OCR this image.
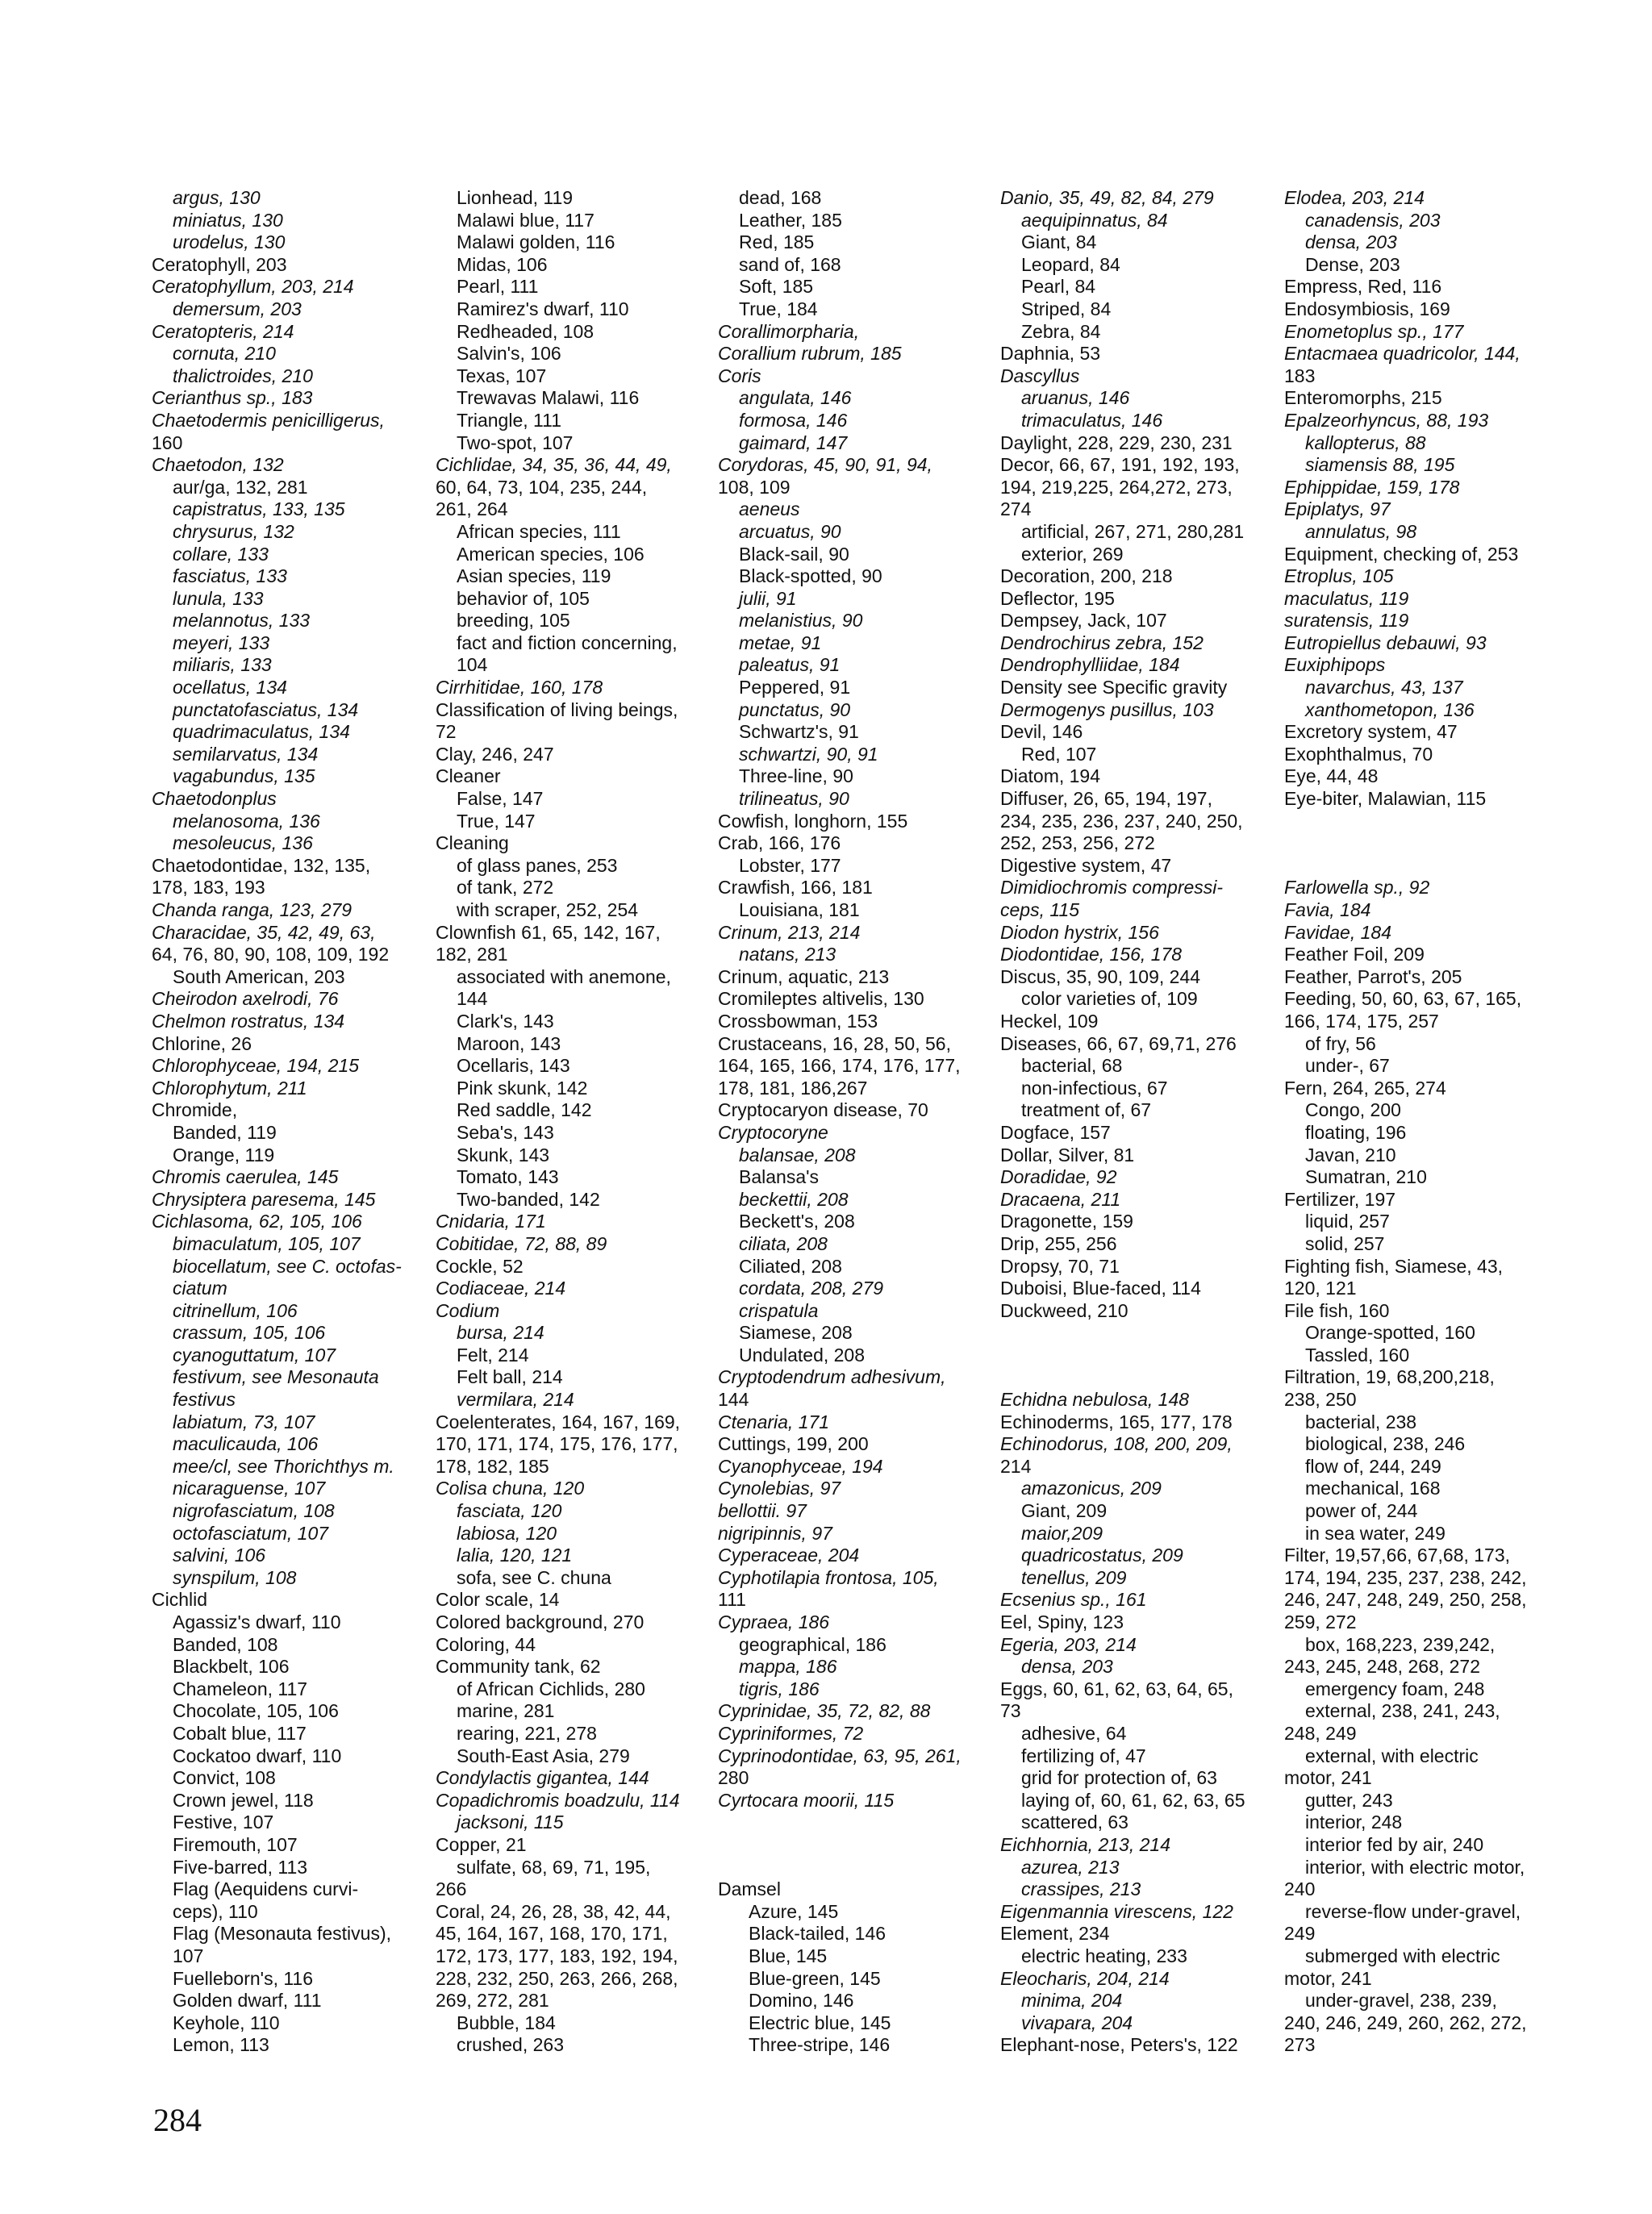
argus, 130
miniatus, 130
urodelus, 130
Ceratophyll, 203
Ceratophyllum, 203, 214
demersum, 203
Ceratopteris, 214
cornuta, 210
thalictroides, 210
Cerianthus sp., 183
Chaetodermis penicilligerus,
160
Chaetodon, 132
aur/ga, 132, 281
capistratus, 133, 135
chrysurus, 132
collare, 133
fasciatus, 133
lunula, 133
melannotus, 133
meyeri, 133
miliaris, 133
ocellatus, 134
punctatofasciatus, 134
quadrimaculatus, 134
semilarvatus, 134
vagabundus, 135
Chaetodonplus
melanosoma, 136
mesoleucus, 136
Chaetodontidae, 132, 135,
178, 183, 193
Chanda ranga, 123, 279
Characidae, 35, 42, 49, 63,
64, 76, 80, 90, 108, 109, 192
South American, 203
Cheirodon axelrodi, 76
Chelmon rostratus, 134
Chlorine, 26
Chlorophyceae, 194, 215
Chlorophytum, 211
Chromide,
Banded, 119
Orange, 119
Chromis caerulea, 145
Chrysiptera paresema, 145
Cichlasoma, 62, 105, 106
bimaculatum, 105, 107
biocellatum, see C. octofas-
ciatum
citrinellum, 106
crassum, 105, 106
cyanoguttatum, 107
festivum, see Mesonauta
festivus
labiatum, 73, 107
maculicauda, 106
mee/cl, see Thorichthys m.
nicaraguense, 107
nigrofasciatum, 108
octofasciatum, 107
salvini, 106
synspilum, 108
Cichlid
Agassiz's dwarf, 110
Banded, 108
Blackbelt, 106
Chameleon, 117
Chocolate, 105, 106
Cobalt blue, 117
Cockatoo dwarf, 110
Convict, 108
Crown jewel, 118
Festive, 107
Firemouth, 107
Five-barred, 113
Flag (Aequidens curvi-
ceps), 110
Flag (Mesonauta festivus),
107
Fuelleborn's, 116
Golden dwarf, 111
Keyhole, 110
Lemon, 113
Lionhead, 119
Malawi blue, 117
Malawi golden, 116
Midas, 106
Pearl, 111
Ramirez's dwarf, 110
Redheaded, 108
Salvin's, 106
Texas, 107
Trewavas Malawi, 116
Triangle, 111
Two-spot, 107
Cichlidae, 34, 35, 36, 44, 49,
60, 64, 73, 104, 235, 244,
261, 264
African species, 111
American species, 106
Asian species, 119
behavior of, 105
breeding, 105
fact and fiction concerning,
104
Cirrhitidae, 160, 178
Classification of living beings,
72
Clay, 246, 247
Cleaner
False, 147
True, 147
Cleaning
of glass panes, 253
of tank, 272
with scraper, 252, 254
Clownfish 61, 65, 142, 167,
182, 281
associated with anemone,
144
Clark's, 143
Maroon, 143
Ocellaris, 143
Pink skunk, 142
Red saddle, 142
Seba's, 143
Skunk, 143
Tomato, 143
Two-banded, 142
Cnidaria, 171
Cobitidae, 72, 88, 89
Cockle, 52
Codiaceae, 214
Codium
bursa, 214
Felt, 214
Felt ball, 214
vermilara, 214
Coelenterates, 164, 167, 169,
170, 171, 174, 175, 176, 177,
178, 182, 185
Colisa chuna, 120
fasciata, 120
labiosa, 120
lalia, 120, 121
sofa, see C. chuna
Color scale, 14
Colored background, 270
Coloring, 44
Community tank, 62
of African Cichlids, 280
marine, 281
rearing, 221, 278
South-East Asia, 279
Condylactis gigantea, 144
Copadichromis boadzulu, 114
jacksoni, 115
Copper, 21
sulfate, 68, 69, 71, 195,
266
Coral, 24, 26, 28, 38, 42, 44,
45, 164, 167, 168, 170, 171,
172, 173, 177, 183, 192, 194,
228, 232, 250, 263, 266, 268,
269, 272, 281
Bubble, 184
crushed, 263
dead, 168
Leather, 185
Red, 185
sand of, 168
Soft, 185
True, 184
Corallimorpharia,
Corallium rubrum, 185
Coris
angulata, 146
formosa, 146
gaimard, 147
Corydoras, 45, 90, 91, 94,
108, 109
aeneus
arcuatus, 90
Black-sail, 90
Black-spotted, 90
julii, 91
melanistius, 90
metae, 91
paleatus, 91
Peppered, 91
punctatus, 90
Schwartz's, 91
schwartzi, 90, 91
Three-line, 90
trilineatus, 90
Cowfish, longhorn, 155
Crab, 166, 176
Lobster, 177
Crawfish, 166, 181
Louisiana, 181
Crinum, 213, 214
natans, 213
Crinum, aquatic, 213
Cromileptes altivelis, 130
Crossbowman, 153
Crustaceans, 16, 28, 50, 56,
164, 165, 166, 174, 176, 177,
178, 181, 186,267
Cryptocaryon disease, 70
Cryptocoryne
balansae, 208
Balansa's
beckettii, 208
Beckett's, 208
ciliata, 208
Ciliated, 208
cordata, 208, 279
crispatula
Siamese, 208
Undulated, 208
Cryptodendrum adhesivum,
144
Ctenaria, 171
Cuttings, 199, 200
Cyanophyceae, 194
Cynolebias, 97
bellottii. 97
nigripinnis, 97
Cyperaceae, 204
Cyphotilapia frontosa, 105,
111
Cypraea, 186
geographical, 186
mappa, 186
tigris, 186
Cyprinidae, 35, 72, 82, 88
Cypriniformes, 72
Cyprinodontidae, 63, 95, 261,
280
Cyrtocara moorii, 115
Damsel
Azure, 145
Black-tailed, 146
Blue, 145
Blue-green, 145
Domino, 146
Electric blue, 145
Three-stripe, 146
Danio, 35, 49, 82, 84, 279
aequipinnatus, 84
Giant, 84
Leopard, 84
Pearl, 84
Striped, 84
Zebra, 84
Daphnia, 53
Dascyllus
aruanus, 146
trimaculatus, 146
Daylight, 228, 229, 230, 231
Decor, 66, 67, 191, 192, 193,
194, 219,225, 264,272, 273,
274
artificial, 267, 271, 280,281
exterior, 269
Decoration, 200, 218
Deflector, 195
Dempsey, Jack, 107
Dendrochirus zebra, 152
Dendrophylliidae, 184
Density see Specific gravity
Dermogenys pusillus, 103
Devil, 146
Red, 107
Diatom, 194
Diffuser, 26, 65, 194, 197,
234, 235, 236, 237, 240, 250,
252, 253, 256, 272
Digestive system, 47
Dimidiochromis compressi-
ceps, 115
Diodon hystrix, 156
Diodontidae, 156, 178
Discus, 35, 90, 109, 244
color varieties of, 109
Heckel, 109
Diseases, 66, 67, 69,71, 276
bacterial, 68
non-infectious, 67
treatment of, 67
Dogface, 157
Dollar, Silver, 81
Doradidae, 92
Dracaena, 211
Dragonette, 159
Drip, 255, 256
Dropsy, 70, 71
Duboisi, Blue-faced, 114
Duckweed, 210
Echidna nebulosa, 148
Echinoderms, 165, 177, 178
Echinodorus, 108, 200, 209,
214
amazonicus, 209
Giant, 209
maior,209
quadricostatus, 209
tenellus, 209
Ecsenius sp., 161
Eel, Spiny, 123
Egeria, 203, 214
densa, 203
Eggs, 60, 61, 62, 63, 64, 65,
73
adhesive, 64
fertilizing of, 47
grid for protection of, 63
laying of, 60, 61, 62, 63, 65
scattered, 63
Eichhornia, 213, 214
azurea, 213
crassipes, 213
Eigenmannia virescens, 122
Element, 234
electric heating, 233
Eleocharis, 204, 214
minima, 204
vivapara, 204
Elephant-nose, Peters's, 122
Elodea, 203, 214
canadensis, 203
densa, 203
Dense, 203
Empress, Red, 116
Endosymbiosis, 169
Enometoplus sp., 177
Entacmaea quadricolor, 144,
183
Enteromorphs, 215
Epalzeorhyncus, 88, 193
kallopterus, 88
siamensis 88, 195
Ephippidae, 159, 178
Epiplatys, 97
annulatus, 98
Equipment, checking of, 253
Etroplus, 105
maculatus, 119
suratensis, 119
Eutropiellus debauwi, 93
Euxiphipops
navarchus, 43, 137
xanthometopon, 136
Excretory system, 47
Exophthalmus, 70
Eye, 44, 48
Eye-biter, Malawian, 115
Farlowella sp., 92
Favia, 184
Favidae, 184
Feather Foil, 209
Feather, Parrot's, 205
Feeding, 50, 60, 63, 67, 165,
166, 174, 175, 257
of fry, 56
under-, 67
Fern, 264, 265, 274
Congo, 200
floating, 196
Javan, 210
Sumatran, 210
Fertilizer, 197
liquid, 257
solid, 257
Fighting fish, Siamese, 43,
120, 121
File fish, 160
Orange-spotted, 160
Tassled, 160
Filtration, 19, 68,200,218,
238, 250
bacterial, 238
biological, 238, 246
flow of, 244, 249
mechanical, 168
power of, 244
in sea water, 249
Filter, 19,57,66, 67,68, 173,
174, 194, 235, 237, 238, 242,
246, 247, 248, 249, 250, 258,
259, 272
box, 168,223, 239,242,
243, 245, 248, 268, 272
emergency foam, 248
external, 238, 241, 243,
248, 249
external, with electric
motor, 241
gutter, 243
interior, 248
interior fed by air, 240
interior, with electric motor,
240
reverse-flow under-gravel,
249
submerged with electric
motor, 241
under-gravel, 238, 239,
240, 246, 249, 260, 262, 272,
273
284
